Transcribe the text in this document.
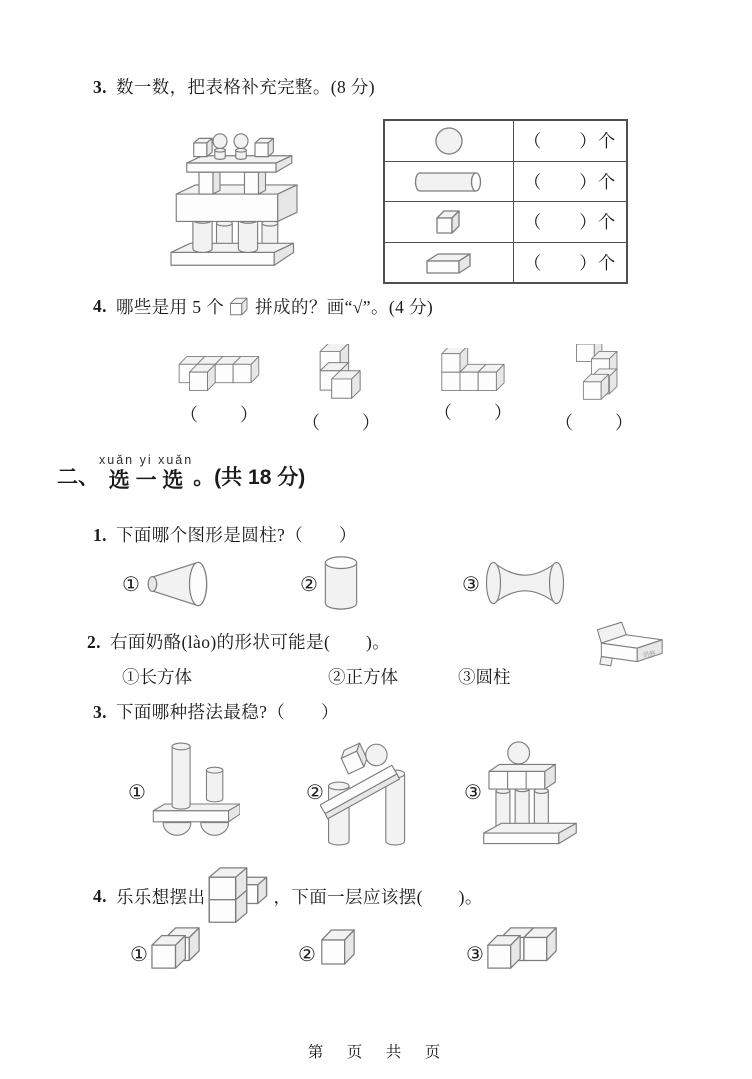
3. 数一数，把表格补充完整。(8 分)
	（　　）个

	（　　）个

	（　　）个

	（　　）个
4. 哪些是用 5 个 拼成的？画“√”。(4 分)
（　　）	（　　）	（　　）	（　　）
二、
xuǎn yi xuǎn
选 一 选 。(共 18 分)
1. 下面哪个图形是圆柱?（　　）
①	②	③
2. 右面奶酪(lào)的形状可能是(　　)。
①长方体	②正方体	③圆柱
奶酪
3. 下面哪种搭法最稳?（　　）
①	②	③
4. 乐乐想摆出	，下面一层应该摆(　　)。
①	②	③
第　页　共　页
